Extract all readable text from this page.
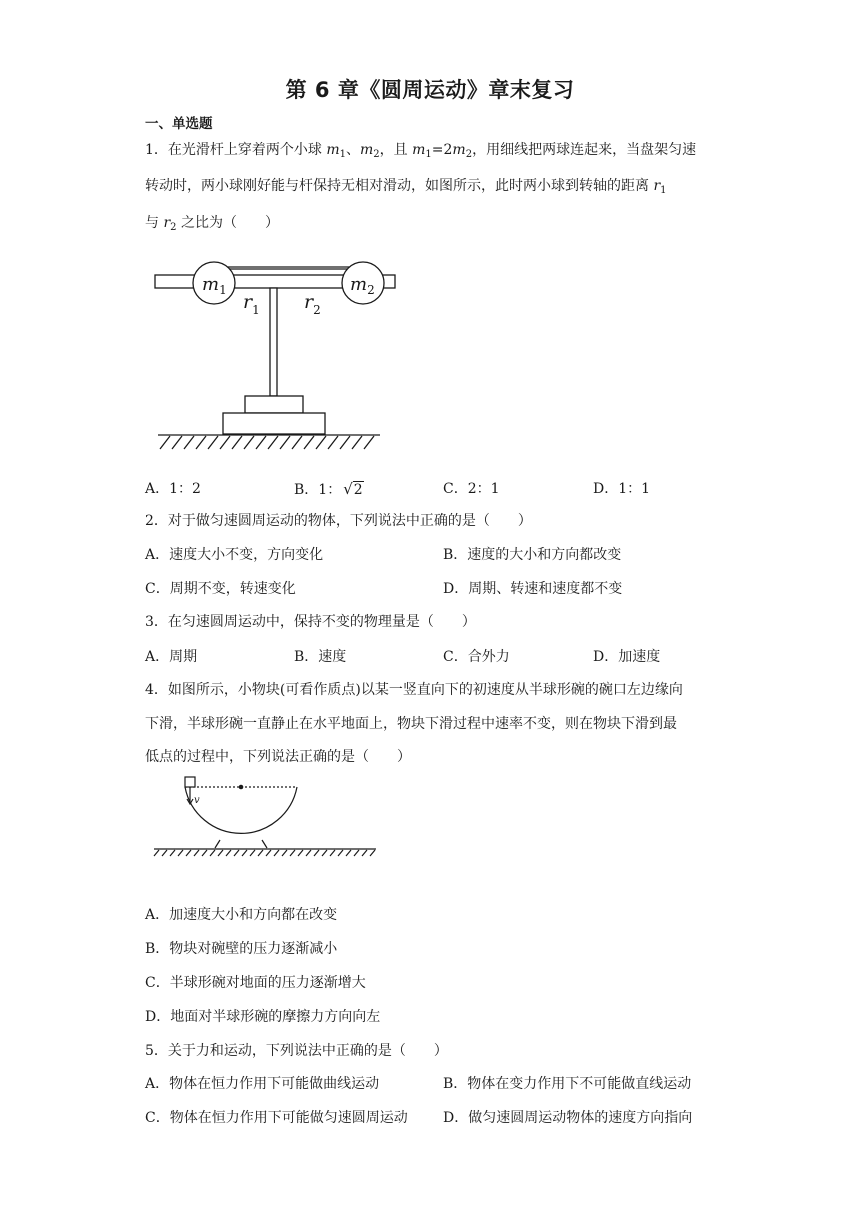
第 6 章《圆周运动》章末复习
一、单选题
1．在光滑杆上穿着两个小球 $m_1$、$m_2$，且 $m_1=2m_2$，用细线把两球连起来，当盘架匀速
转动时，两小球刚好能与杆保持无相对滑动，如图所示，此时两小球到转轴的距离 $r_1$
与 $r_2$ 之比为（　　）
$m_1$	$m_2$
$r_1$ $r_2$
A．1：2	B．1： √2	C．2：1	D．1：1
2．对于做匀速圆周运动的物体，下列说法中正确的是（　　）
A．速度大小不变，方向变化	B．速度的大小和方向都改变
C．周期不变，转速变化	D．周期、转速和速度都不变
3．在匀速圆周运动中，保持不变的物理量是（　　）
A．周期	B．速度	C．合外力	D．加速度
4．如图所示，小物块(可看作质点)以某一竖直向下的初速度从半球形碗的碗口左边缘向
下滑，半球形碗一直静止在水平地面上，物块下滑过程中速率不变，则在物块下滑到最
低点的过程中，下列说法正确的是（　　）
v
A．加速度大小和方向都在改变
B．物块对碗壁的压力逐渐减小
C．半球形碗对地面的压力逐渐增大
D．地面对半球形碗的摩擦力方向向左
5．关于力和运动，下列说法中正确的是（　　）
A．物体在恒力作用下可能做曲线运动	B．物体在变力作用下不可能做直线运动
C．物体在恒力作用下可能做匀速圆周运动	D．做匀速圆周运动物体的速度方向指向
